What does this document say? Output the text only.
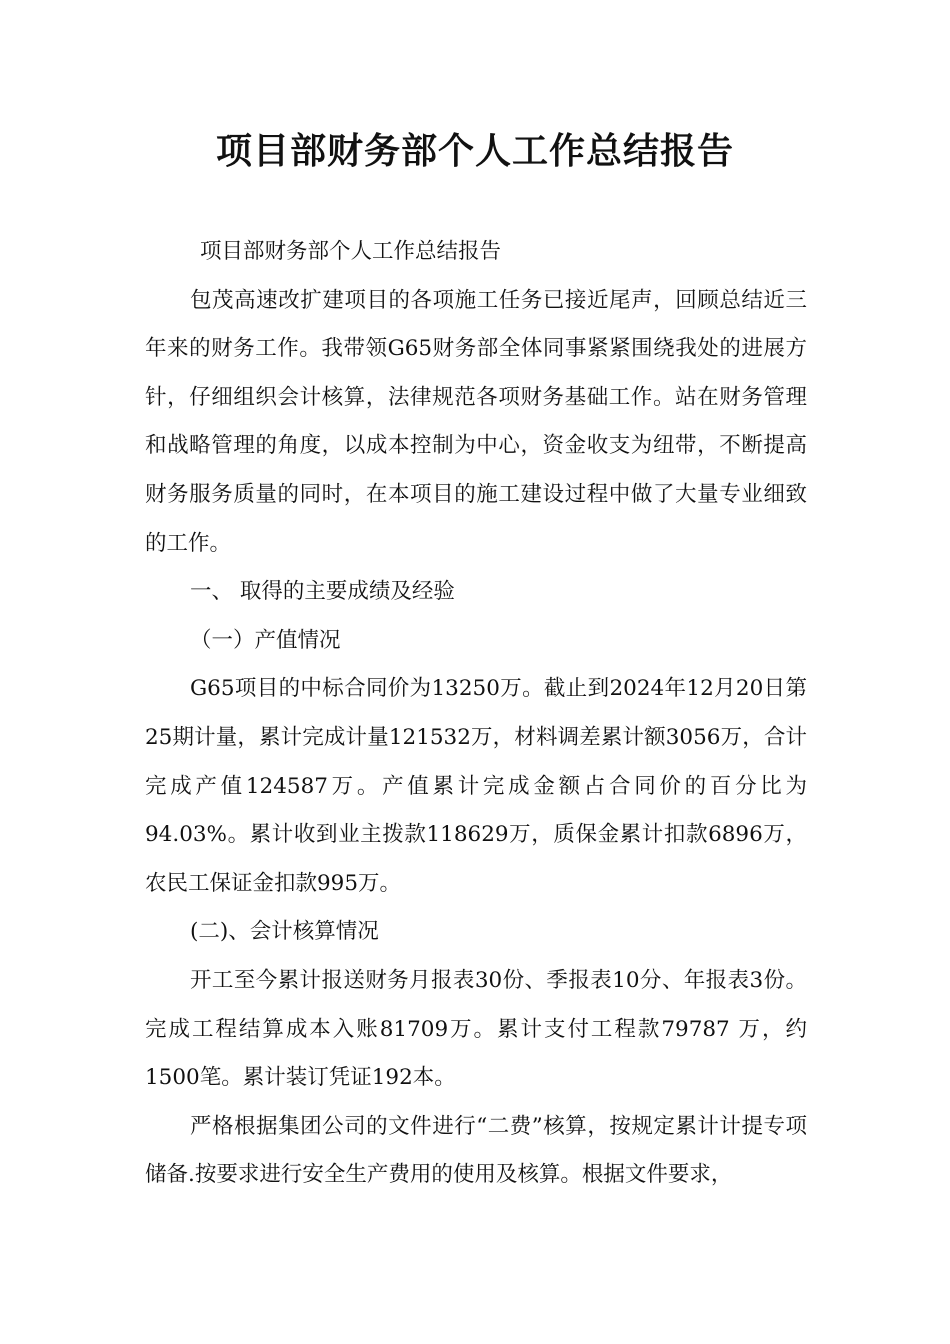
项目部财务部个人工作总结报告

项目部财务部个人工作总结报告

包茂高速改扩建项目的各项施工任务已接近尾声，回顾总结近三年来的财务工作。我带领G65财务部全体同事紧紧围绕我处的进展方针，仔细组织会计核算，法律规范各项财务基础工作。站在财务管理和战略管理的角度，以成本控制为中心，资金收支为纽带，不断提高财务服务质量的同时，在本项目的施工建设过程中做了大量专业细致的工作。

一、 取得的主要成绩及经验

（一）产值情况

G65项目的中标合同价为13250万。截止到2024年12月20日第25期计量，累计完成计量121532万，材料调差累计额3056万，合计完成产值124587万。产值累计完成金额占合同价的百分比为94.03%。累计收到业主拨款118629万，质保金累计扣款6896万，农民工保证金扣款995万。

(二)、会计核算情况

开工至今累计报送财务月报表30份、季报表10分、年报表3份。完成工程结算成本入账81709万。累计支付工程款79787 万，约 1500笔。累计装订凭证192本。

严格根据集团公司的文件进行“二费”核算，按规定累计计提专项储备.按要求进行安全生产费用的使用及核算。根据文件要求，
